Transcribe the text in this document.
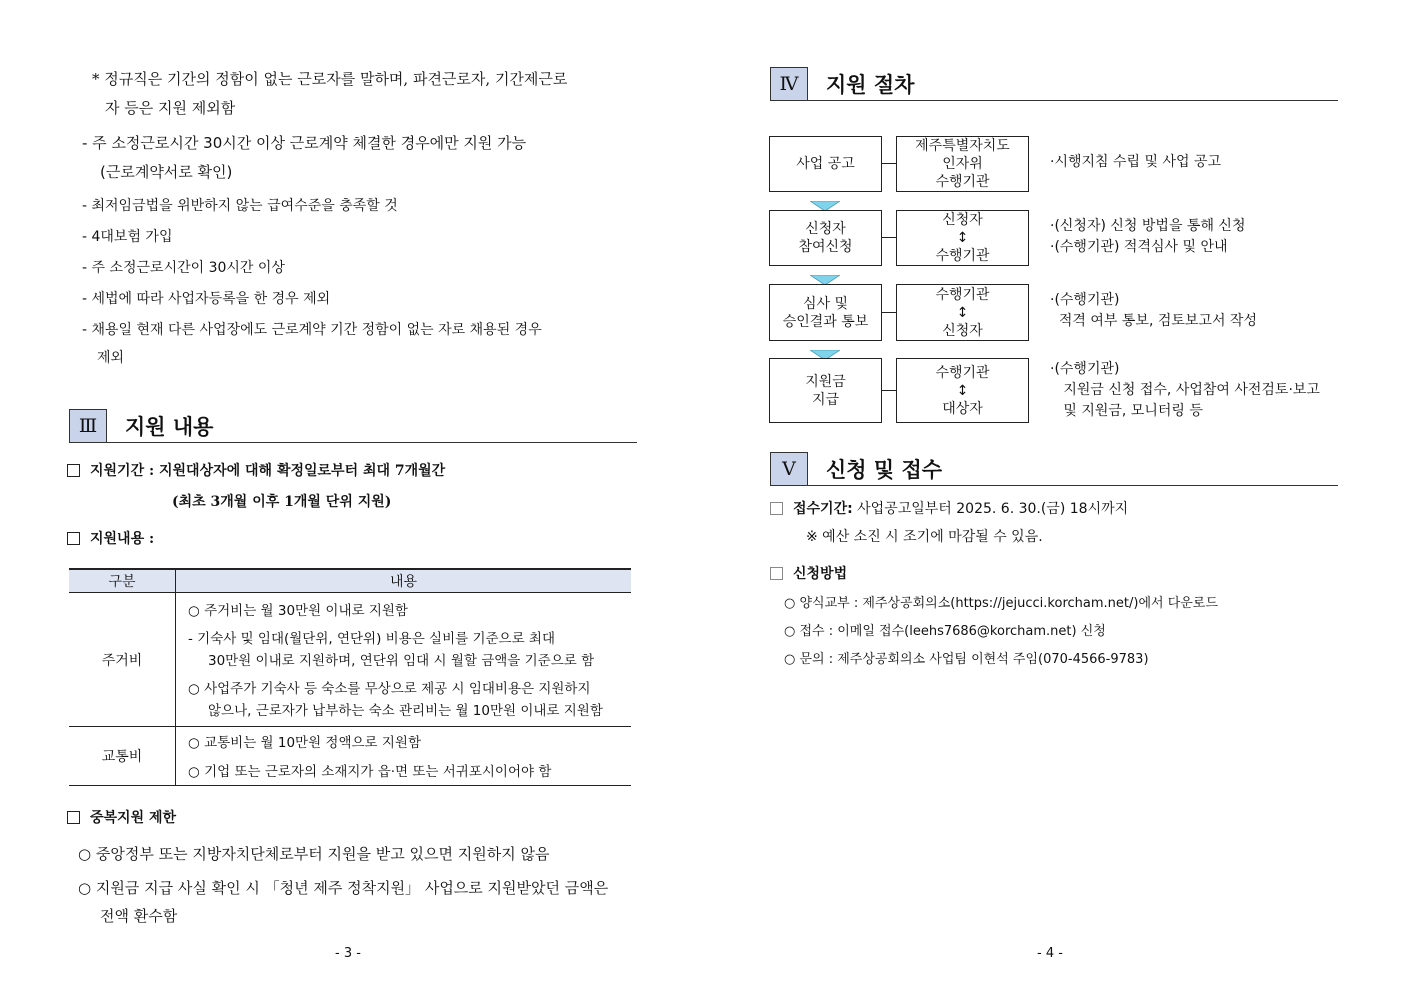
* 정규직은 기간의 정함이 없는 근로자를 말하며, 파견근로자, 기간제근로
자 등은 지원 제외함
- 주 소정근로시간 30시간 이상 근로계약 체결한 경우에만 지원 가능
(근로계약서로 확인)
- 최저임금법을 위반하지 않는 급여수준을 충족할 것
- 4대보험 가입
- 주 소정근로시간이 30시간 이상
- 세법에 따라 사업자등록을 한 경우 제외
- 채용일 현재 다른 사업장에도 근로계약 기간 정함이 없는 자로 채용된 경우
제외
Ⅲ	지원 내용
지원기간 : 지원대상자에 대해 확정일로부터 최대 7개월간
(최초 3개월 이후 1개월 단위 지원)
지원내용 :
구분	내용
주거비	○ 주거비는 월 30만원 이내로 지원함
- 기숙사 및 임대(월단위, 연단위) 비용은 실비를 기준으로 최대
30만원 이내로 지원하며, 연단위 임대 시 월할 금액을 기준으로 함
○ 사업주가 기숙사 등 숙소를 무상으로 제공 시 임대비용은 지원하지
않으나, 근로자가 납부하는 숙소 관리비는 월 10만원 이내로 지원함

교통비	○ 교통비는 월 10만원 정액으로 지원함
○ 기업 또는 근로자의 소재지가 읍·면 또는 서귀포시이어야 함
중복지원 제한
○ 중앙정부 또는 지방자치단체로부터 지원을 받고 있으면 지원하지 않음
○ 지원금 지급 사실 확인 시 「청년 제주 정착지원」 사업으로 지원받았던 금액은
전액 환수함
- 3 -
Ⅳ	지원 절차
사업 공고
제주특별자치도
인자위
수행기관
·시행지침 수립 및 사업 공고
신청자
참여신청
신청자
↕
수행기관
·(신청자) 신청 방법을 통해 신청
·(수행기관) 적격심사 및 안내
심사 및
승인결과 통보
수행기관
↕
신청자
·(수행기관)
적격 여부 통보, 검토보고서 작성
지원금
지급
수행기관
↕
대상자
·(수행기관)
지원금 신청 접수, 사업참여 사전검토·보고
및 지원금, 모니터링 등
Ⅴ	신청 및 접수
접수기간: 사업공고일부터 2025. 6. 30.(금) 18시까지
※ 예산 소진 시 조기에 마감될 수 있음.
신청방법
○ 양식교부 : 제주상공회의소(https://jejucci.korcham.net/)에서 다운로드
○ 접수 : 이메일 접수(leehs7686@korcham.net) 신청
○ 문의 : 제주상공회의소 사업팀 이현석 주임(070-4566-9783)
- 4 -
